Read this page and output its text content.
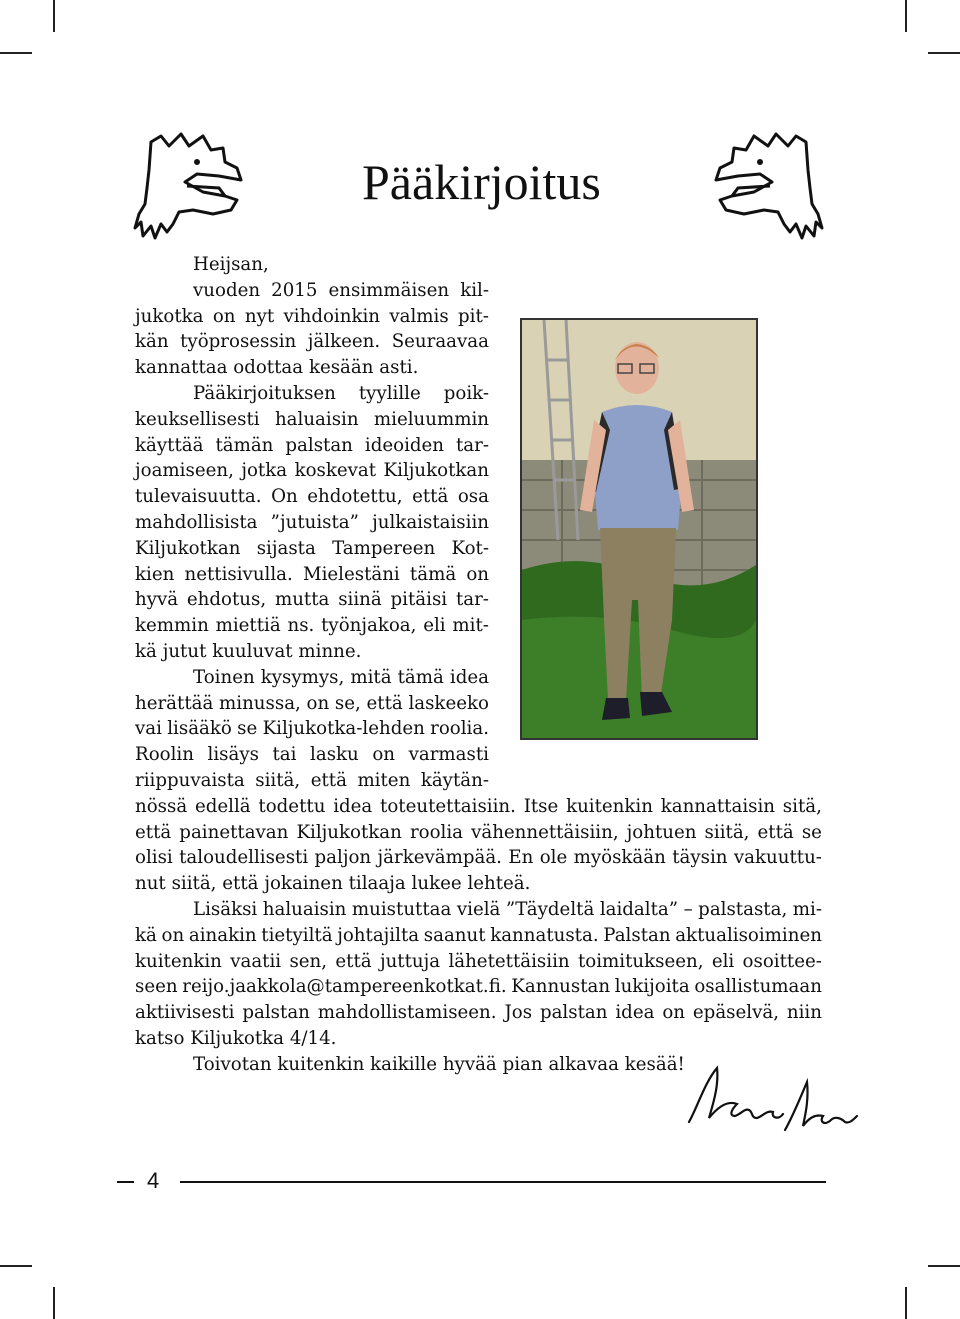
Pääkirjoitus
Heijsan,
vuoden 2015 ensimmäisen kil-
jukotka on nyt vihdoinkin valmis pit-
kän työprosessin jälkeen. Seuraavaa
kannattaa odottaa kesään asti.
Pääkirjoituksen tyylille poik-
keuksellisesti haluaisin mieluummin
käyttää tämän palstan ideoiden tar-
joamiseen, jotka koskevat Kiljukotkan
tulevaisuutta. On ehdotettu, että osa
mahdollisista ”jutuista” julkaistaisiin
Kiljukotkan sijasta Tampereen Kot-
kien nettisivulla. Mielestäni tämä on
hyvä ehdotus, mutta siinä pitäisi tar-
kemmin miettiä ns. työnjakoa, eli mit-
kä jutut kuuluvat minne.
Toinen kysymys, mitä tämä idea
herättää minussa, on se, että laskeeko
vai lisääkö se Kiljukotka-lehden roolia.
Roolin lisäys tai lasku on varmasti
riippuvaista siitä, että miten käytän-
nössä edellä todettu idea toteutettaisiin. Itse kuitenkin kannattaisin sitä,
että painettavan Kiljukotkan roolia vähennettäisiin, johtuen siitä, että se
olisi taloudellisesti paljon järkevämpää. En ole myöskään täysin vakuuttu-
nut siitä, että jokainen tilaaja lukee lehteä.
Lisäksi haluaisin muistuttaa vielä ”Täydeltä laidalta” – palstasta, mi-
kä on ainakin tietyiltä johtajilta saanut kannatusta. Palstan aktualisoiminen
kuitenkin vaatii sen, että juttuja lähetettäisiin toimitukseen, eli osoittee-
seen reijo.jaakkola@tampereenkotkat.fi. Kannustan lukijoita osallistumaan
aktiivisesti palstan mahdollistamiseen. Jos palstan idea on epäselvä, niin
katso Kiljukotka 4/14.
Toivotan kuitenkin kaikille hyvää pian alkavaa kesää!
4
